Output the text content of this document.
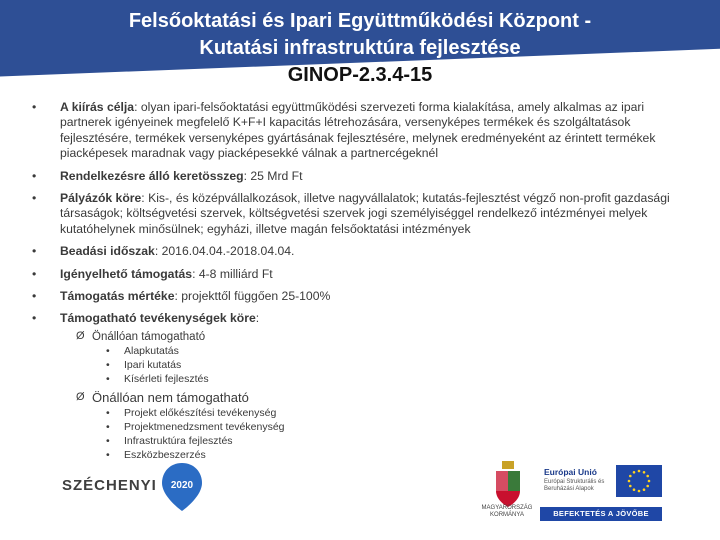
Felsőoktatási és Ipari Együttműködési Központ -
Kutatási infrastruktúra fejlesztése
GINOP-2.3.4-15
• A kiírás célja: olyan ipari-felsőoktatási együttműködési szervezeti forma kialakítása, amely alkalmas az ipari partnerek igényeinek megfelelő K+F+I kapacitás létrehozására, versenyképes termékek és szolgáltatások fejlesztésére, termékek versenyképes gyártásának fejlesztésére, melynek eredményeként az érintett termékek piacképesek maradnak vagy piacképesekké válnak a partnercégeknél
• Rendelkezésre álló keretösszeg: 25 Mrd Ft
• Pályázók köre: Kis-, és középvállalkozások, illetve nagyvállalatok; kutatás-fejlesztést végző non-profit gazdasági társaságok; költségvetési szervek, költségvetési szervek jogi személyiséggel rendelkező intézményei melyek kutatóhelynek minősülnek; egyházi, illetve magán felsőoktatási intézmények
• Beadási időszak: 2016.04.04.-2018.04.04.
• Igényelhető támogatás: 4-8 milliárd Ft
• Támogatás mértéke: projekttől függően 25-100%
• Támogatható tevékenységek köre:
Ø Önállóan támogatható
• Alapkutatás
• Ipari kutatás
• Kísérleti fejlesztés
Ø Önállóan nem támogatható
• Projekt előkészítési tevékenység
• Projektmenedzsment tevékenység
• Infrastruktúra fejlesztés
• Eszközbeszerzés
SZÉCHENYI 2020
MAGYARORSZÁG
KORMÁNYA
Európai Unió
Európai Strukturális és Beruházási Alapok
BEFEKTETÉS A JÖVŐBE
